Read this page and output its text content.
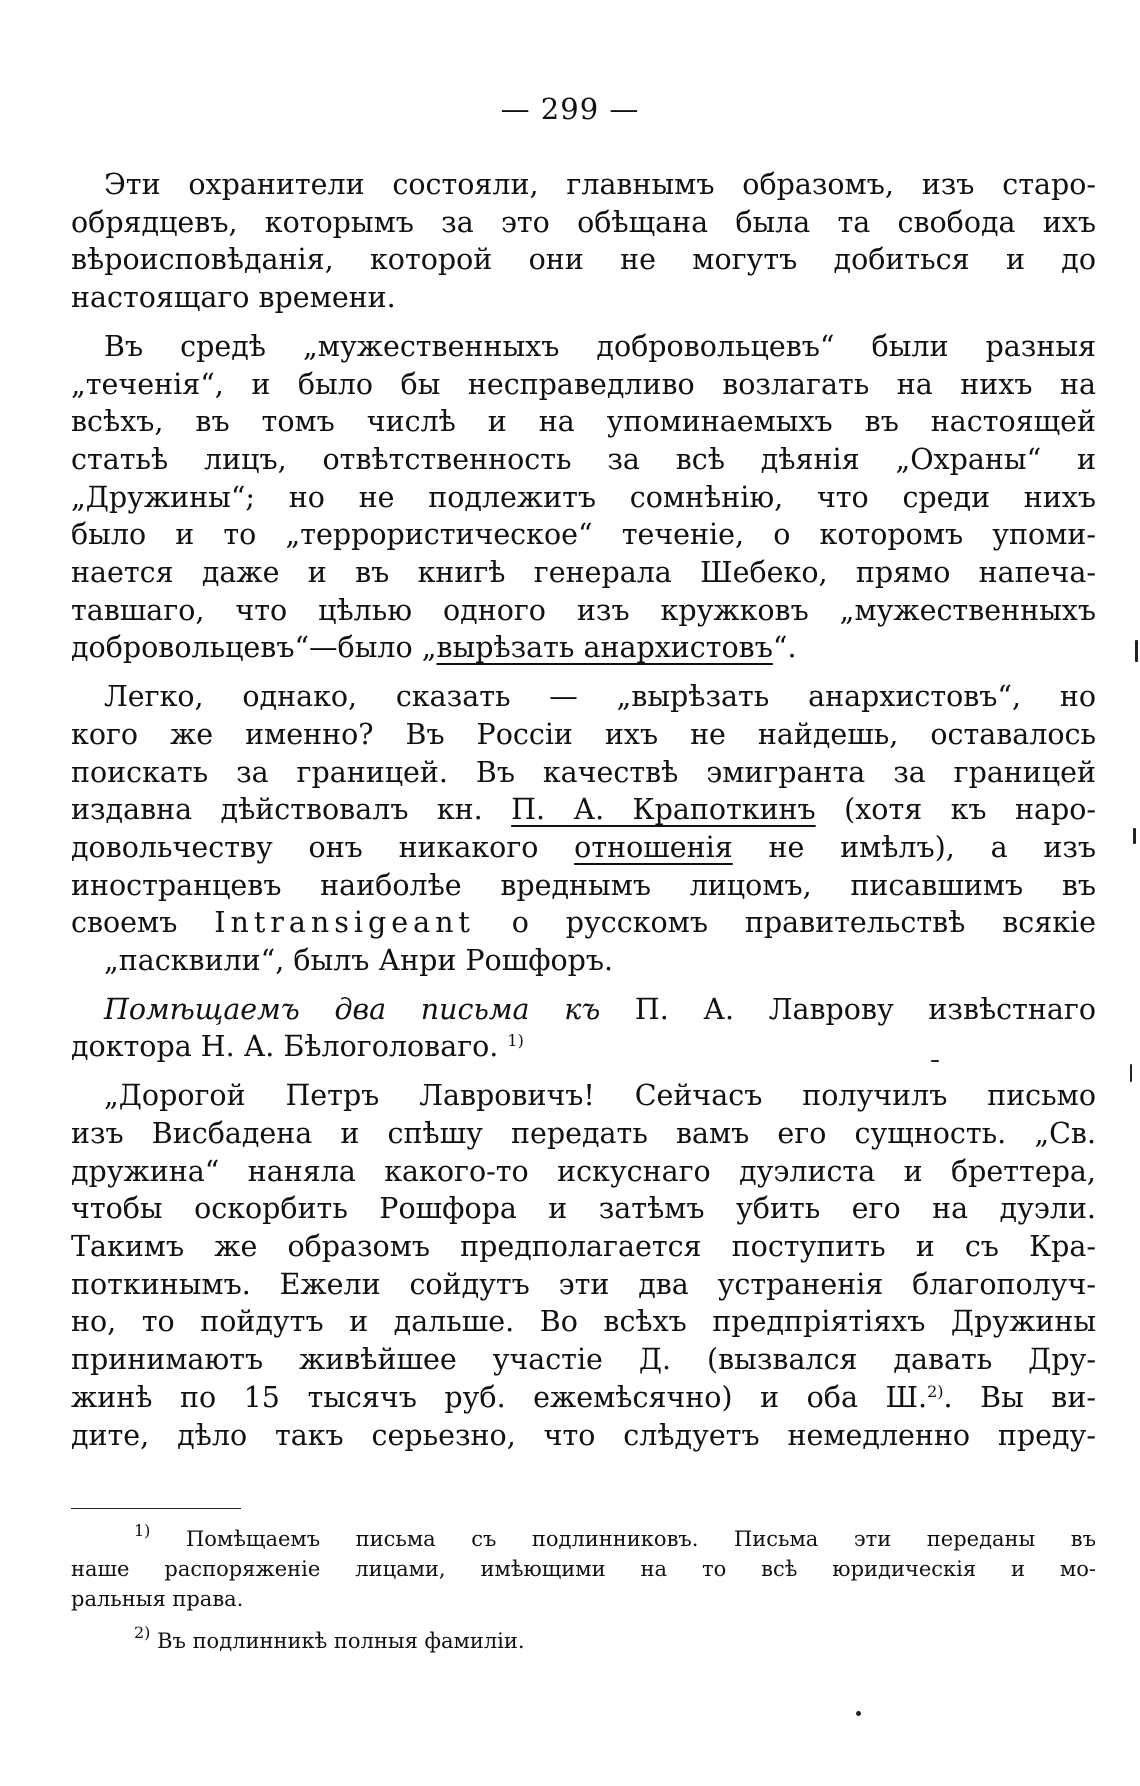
— 299 —
Эти охранители состояли, главнымъ образомъ, изъ старо-
обрядцевъ, которымъ за это обѣщана была та свобода ихъ
вѣроисповѣданія, которой они не могутъ добиться и до
настоящаго времени.
Въ средѣ „мужественныхъ добровольцевъ“ были разныя
„теченія“, и было бы несправедливо возлагать на нихъ на
всѣхъ, въ томъ числѣ и на упоминаемыхъ въ настоящей
статьѣ лицъ, отвѣтственность за всѣ дѣянія „Охраны“ и
„Дружины“; но не подлежитъ сомнѣнію, что среди нихъ
было и то „террористическое“ теченіе, о которомъ упоми-
нается даже и въ книгѣ генерала Шебеко, прямо напеча-
тавшаго, что цѣлью одного изъ кружковъ „мужественныхъ
добровольцевъ“—было „вырѣзать анархистовъ“.
Легко, однако, сказать — „вырѣзать анархистовъ“, но
кого же именно? Въ Россіи ихъ не найдешь, оставалось
поискать за границей. Въ качествѣ эмигранта за границей
издавна дѣйствовалъ кн. П. А. Крапоткинъ (хотя къ наро-
довольчеству онъ никакого отношенія не имѣлъ), а изъ
иностранцевъ наиболѣе вреднымъ лицомъ, писавшимъ въ
своемъ Intransigeant о русскомъ правительствѣ всякіе
„пасквили“, былъ Анри Рошфоръ.
Помѣщаемъ два письма къ П. А. Лаврову извѣстнаго
доктора Н. А. Бѣлоголоваго. $^{1)}$
„Дорогой Петръ Лавровичъ! Сейчасъ получилъ письмо
изъ Висбадена и спѣшу передать вамъ его сущность. „Св.
дружина“ наняла какого-то искуснаго дуэлиста и бреттера,
чтобы оскорбить Рошфора и затѣмъ убить его на дуэли.
Такимъ же образомъ предполагается поступить и съ Кра-
поткинымъ. Ежели сойдутъ эти два устраненія благополуч-
но, то пойдутъ и дальше. Во всѣхъ предпріятіяхъ Дружины
принимаютъ живѣйшее участіе Д. (вызвался давать Дру-
жинѣ по 15 тысячъ руб. ежемѣсячно) и оба Ш.$^{2)}$. Вы ви-
дите, дѣло такъ серьезно, что слѣдуетъ немедленно преду-
$^{1)}$ Помѣщаемъ письма съ подлинниковъ. Письма эти переданы въ
наше распоряженіе лицами, имѣющими на то всѣ юридическія и мо-
ральныя права.
$^{2)}$ Въ подлинникѣ полныя фамиліи.
